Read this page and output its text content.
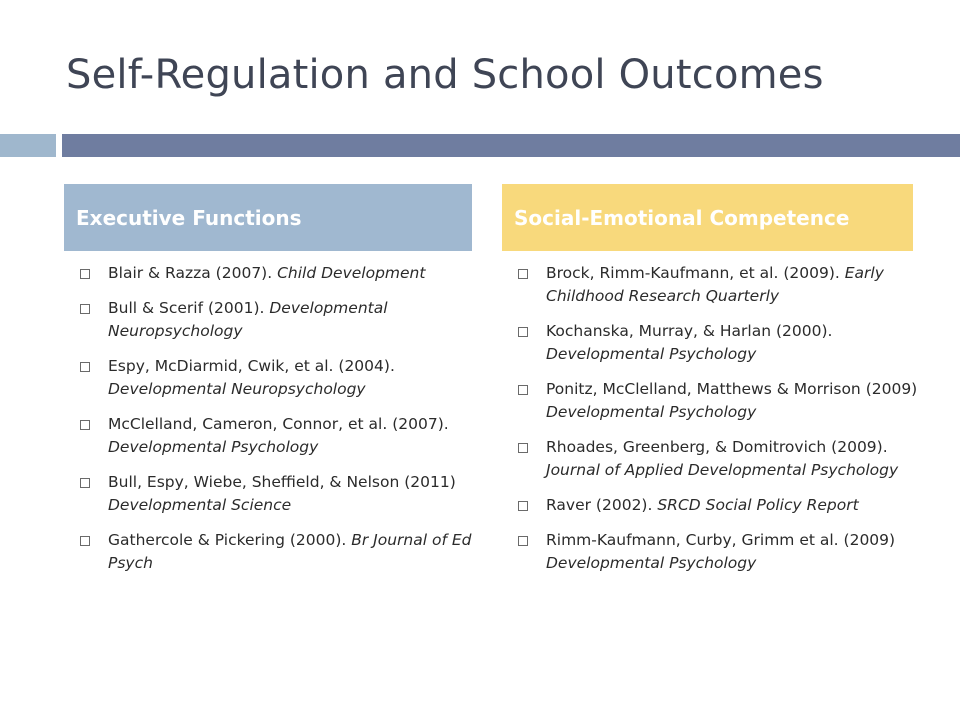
Self-Regulation and School Outcomes
Executive Functions	Social-Emotional Competence
Blair & Razza (2007). Child Development
Bull & Scerif (2001). Developmental Neuropsychology
Espy, McDiarmid, Cwik, et al. (2004). Developmental Neuropsychology
McClelland, Cameron, Connor, et al. (2007). Developmental Psychology
Bull, Espy, Wiebe, Sheffield, & Nelson (2011) Developmental Science
Gathercole & Pickering (2000). Br Journal of Ed Psych
Brock, Rimm-Kaufmann, et al. (2009). Early Childhood Research Quarterly
Kochanska, Murray, & Harlan (2000). Developmental Psychology
Ponitz, McClelland, Matthews & Morrison (2009) Developmental Psychology
Rhoades, Greenberg, & Domitrovich (2009). Journal of Applied Developmental Psychology
Raver (2002). SRCD Social Policy Report
Rimm-Kaufmann, Curby, Grimm et al. (2009) Developmental Psychology
